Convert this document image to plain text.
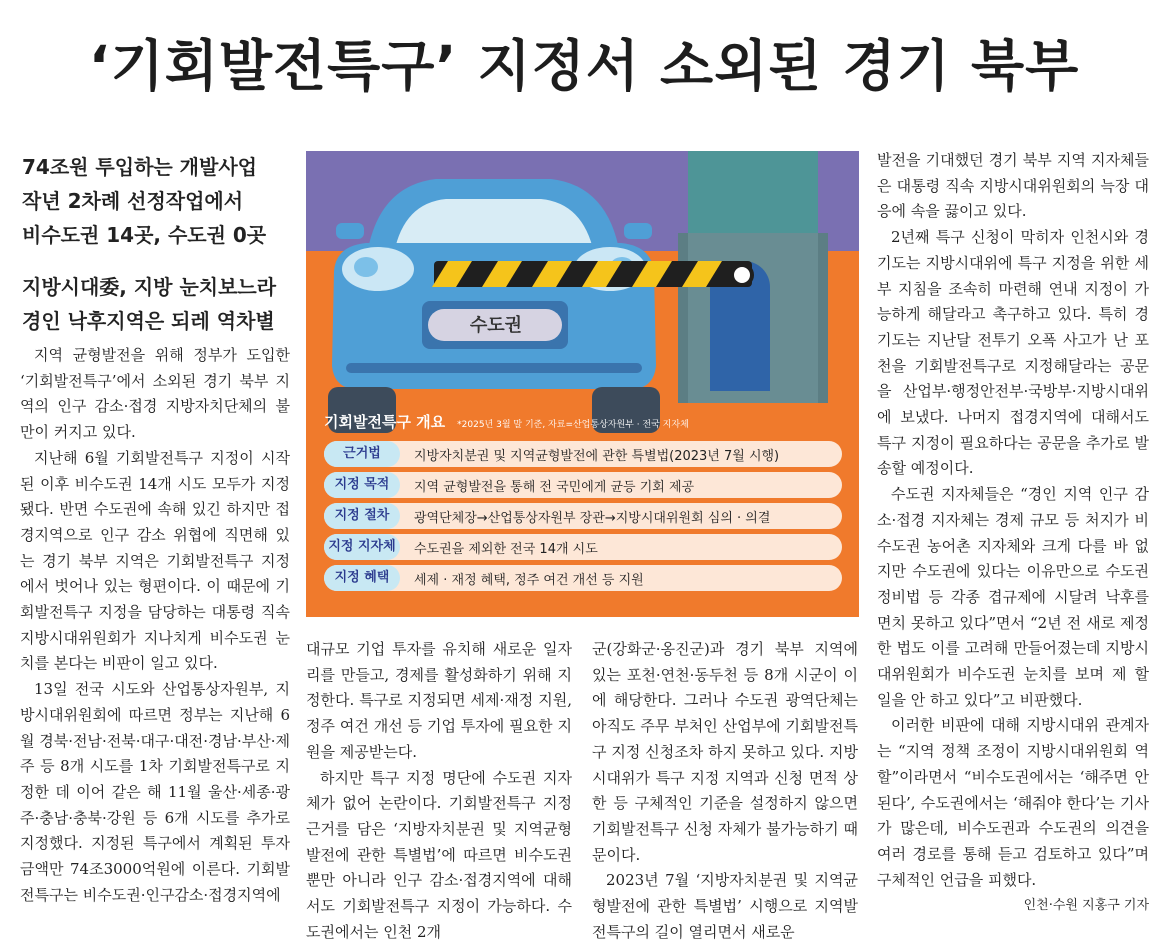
‘기회발전특구’ 지정서 소외된 경기 북부

74조원 투입하는 개발사업

작년 2차례 선정작업에서

비수도권 14곳, 수도권 0곳

지방시대委, 지방 눈치보느라

경인 낙후지역은 되레 역차별

지역 균형발전을 위해 정부가 도입한 ‘기회발전특구’에서 소외된 경기 북부 지역의 인구 감소·접경 지방자치단체의 불만이 커지고 있다.

지난해 6월 기회발전특구 지정이 시작된 이후 비수도권 14개 시도 모두가 지정됐다. 반면 수도권에 속해 있긴 하지만 접경지역으로 인구 감소 위협에 직면해 있는 경기 북부 지역은 기회발전특구 지정에서 벗어나 있는 형편이다. 이 때문에 기회발전특구 지정을 담당하는 대통령 직속 지방시대위원회가 지나치게 비수도권 눈치를 본다는 비판이 일고 있다.

13일 전국 시도와 산업통상자원부, 지방시대위원회에 따르면 정부는 지난해 6월 경북·전남·전북·대구·대전·경남·부산·제주 등 8개 시도를 1차 기회발전특구로 지정한 데 이어 같은 해 11월 울산·세종·광주·충남·충북·강원 등 6개 시도를 추가로 지정했다. 지정된 특구에서 계획된 투자 금액만 74조3000억원에 이른다. 기회발전특구는 비수도권·인구감소·접경지역에

수도권
기회발전특구 개요 *2025년 3월 말 기준, 자료=산업통상자원부 · 전국 지자체
근거법	지방자치분권 및 지역균형발전에 관한 특별법(2023년 7월 시행)
지정 목적	지역 균형발전을 통해 전 국민에게 균등 기회 제공
지정 절차	광역단체장→산업통상자원부 장관→지방시대위원회 심의 · 의결
지정 지자체	수도권을 제외한 전국 14개 시도
지정 혜택	세제 · 재정 혜택, 정주 여건 개선 등 지원

대규모 기업 투자를 유치해 새로운 일자리를 만들고, 경제를 활성화하기 위해 지정한다. 특구로 지정되면 세제·재정 지원, 정주 여건 개선 등 기업 투자에 필요한 지원을 제공받는다.

하지만 특구 지정 명단에 수도권 지자체가 없어 논란이다. 기회발전특구 지정 근거를 담은 ‘지방자치분권 및 지역균형발전에 관한 특별법’에 따르면 비수도권뿐만 아니라 인구 감소·접경지역에 대해서도 기회발전특구 지정이 가능하다. 수도권에서는 인천 2개

군(강화군·옹진군)과 경기 북부 지역에 있는 포천·연천·동두천 등 8개 시군이 이에 해당한다. 그러나 수도권 광역단체는 아직도 주무 부처인 산업부에 기회발전특구 지정 신청조차 하지 못하고 있다. 지방시대위가 특구 지정 지역과 신청 면적 상한 등 구체적인 기준을 설정하지 않으면 기회발전특구 신청 자체가 불가능하기 때문이다.

2023년 7월 ‘지방자치분권 및 지역균형발전에 관한 특별법’ 시행으로 지역발전특구의 길이 열리면서 새로운

발전을 기대했던 경기 북부 지역 지자체들은 대통령 직속 지방시대위원회의 늑장 대응에 속을 끓이고 있다.

2년째 특구 신청이 막히자 인천시와 경기도는 지방시대위에 특구 지정을 위한 세부 지침을 조속히 마련해 연내 지정이 가능하게 해달라고 촉구하고 있다. 특히 경기도는 지난달 전투기 오폭 사고가 난 포천을 기회발전특구로 지정해달라는 공문을 산업부·행정안전부·국방부·지방시대위에 보냈다. 나머지 접경지역에 대해서도 특구 지정이 필요하다는 공문을 추가로 발송할 예정이다.

수도권 지자체들은 “경인 지역 인구 감소·접경 지자체는 경제 규모 등 처지가 비수도권 농어촌 지자체와 크게 다를 바 없지만 수도권에 있다는 이유만으로 수도권정비법 등 각종 겹규제에 시달려 낙후를 면치 못하고 있다”면서 “2년 전 새로 제정한 법도 이를 고려해 만들어졌는데 지방시대위원회가 비수도권 눈치를 보며 제 할 일을 안 하고 있다”고 비판했다.

이러한 비판에 대해 지방시대위 관계자는 “지역 정책 조정이 지방시대위원회 역할”이라면서 “비수도권에서는 ‘해주면 안 된다’, 수도권에서는 ‘해줘야 한다’는 기사가 많은데, 비수도권과 수도권의 의견을 여러 경로를 통해 듣고 검토하고 있다”며 구체적인 언급을 피했다.

인천·수원 지홍구 기자
